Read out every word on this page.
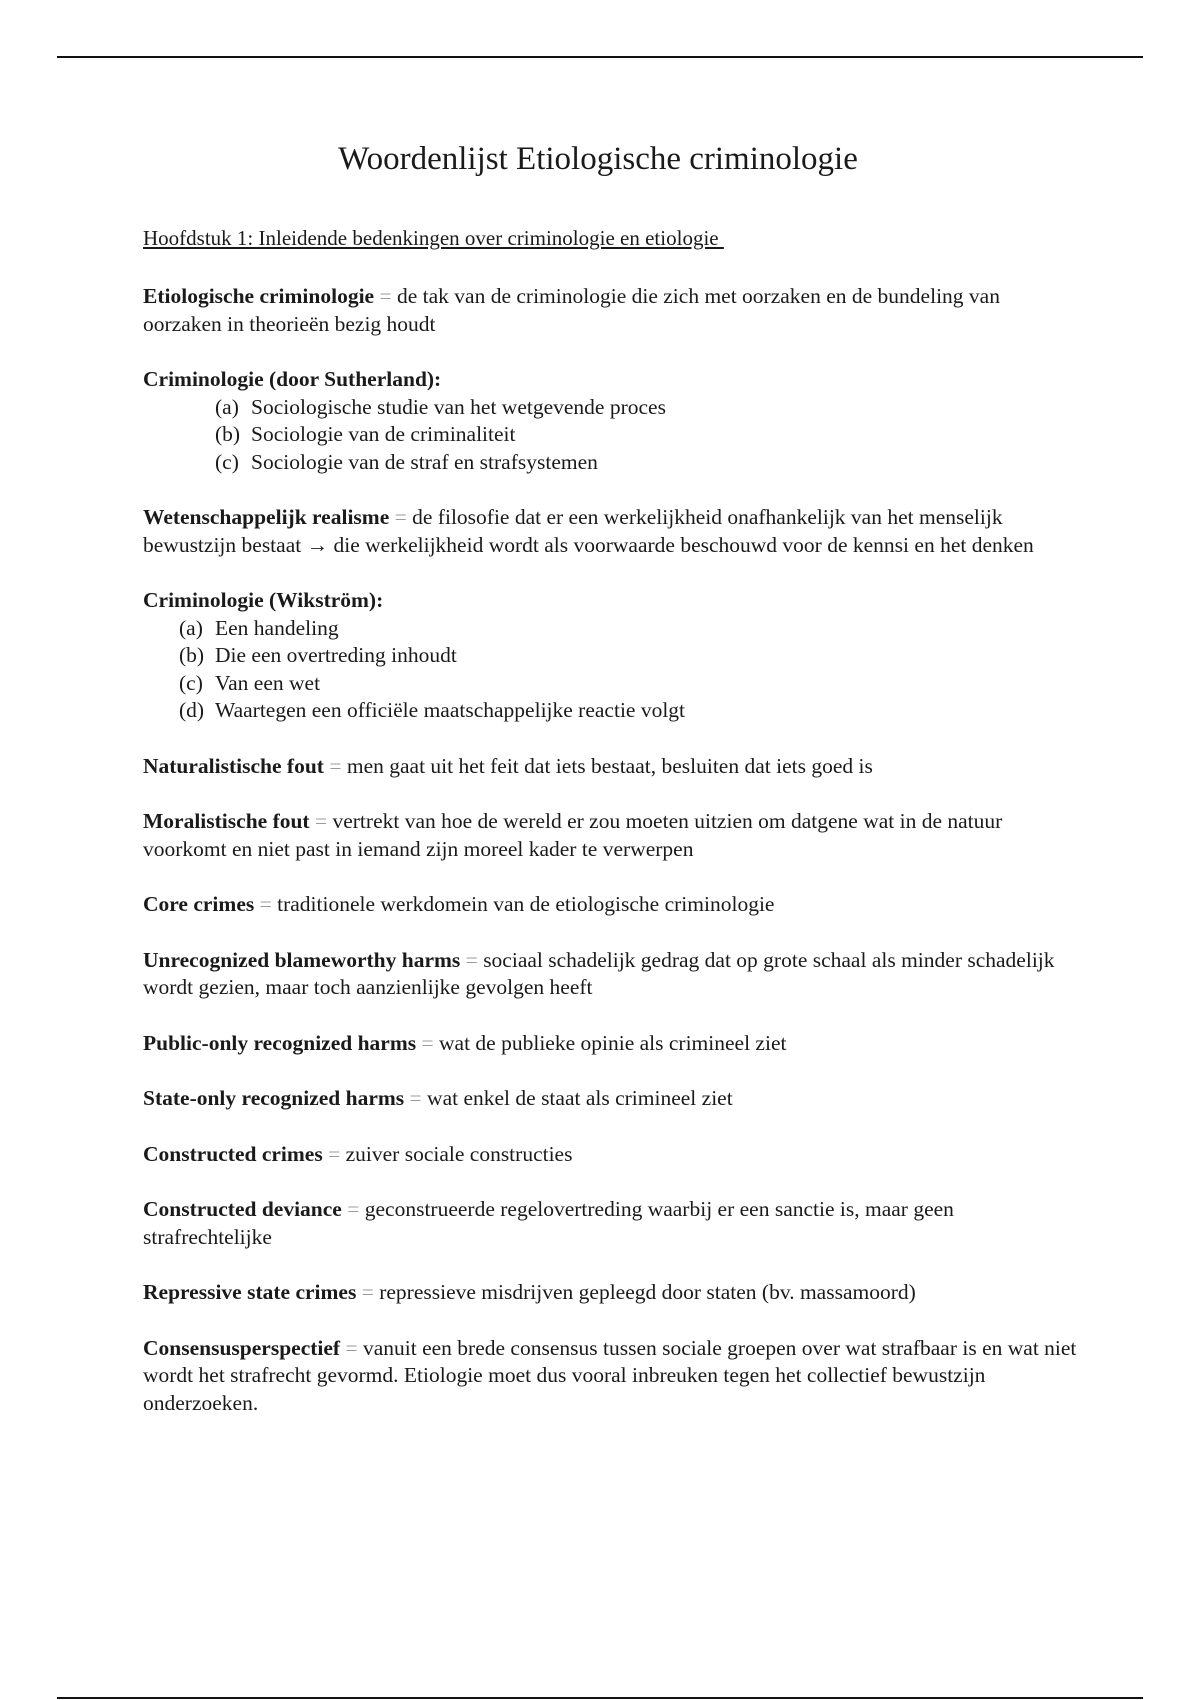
Woordenlijst Etiologische criminologie
Hoofdstuk 1: Inleidende bedenkingen over criminologie en etiologie

Etiologische criminologie = de tak van de criminologie die zich met oorzaken en de bundeling van oorzaken in theorieën bezig houdt

Criminologie (door Sutherland):
(a) Sociologische studie van het wetgevende proces
(b) Sociologie van de criminaliteit
(c) Sociologie van de straf en strafsystemen

Wetenschappelijk realisme = de filosofie dat er een werkelijkheid onafhankelijk van het menselijk bewustzijn bestaat → die werkelijkheid wordt als voorwaarde beschouwd voor de kennsi en het denken

Criminologie (Wikström):
(a) Een handeling
(b) Die een overtreding inhoudt
(c) Van een wet
(d) Waartegen een officiële maatschappelijke reactie volgt

Naturalistische fout = men gaat uit het feit dat iets bestaat, besluiten dat iets goed is

Moralistische fout = vertrekt van hoe de wereld er zou moeten uitzien om datgene wat in de natuur voorkomt en niet past in iemand zijn moreel kader te verwerpen

Core crimes = traditionele werkdomein van de etiologische criminologie

Unrecognized blameworthy harms = sociaal schadelijk gedrag dat op grote schaal als minder schadelijk wordt gezien, maar toch aanzienlijke gevolgen heeft

Public-only recognized harms = wat de publieke opinie als crimineel ziet

State-only recognized harms = wat enkel de staat als crimineel ziet

Constructed crimes = zuiver sociale constructies

Constructed deviance = geconstrueerde regelovertreding waarbij er een sanctie is, maar geen strafrechtelijke

Repressive state crimes = repressieve misdrijven gepleegd door staten (bv. massamoord)

Consensusperspectief = vanuit een brede consensus tussen sociale groepen over wat strafbaar is en wat niet wordt het strafrecht gevormd. Etiologie moet dus vooral inbreuken tegen het collectief bewustzijn onderzoeken.
